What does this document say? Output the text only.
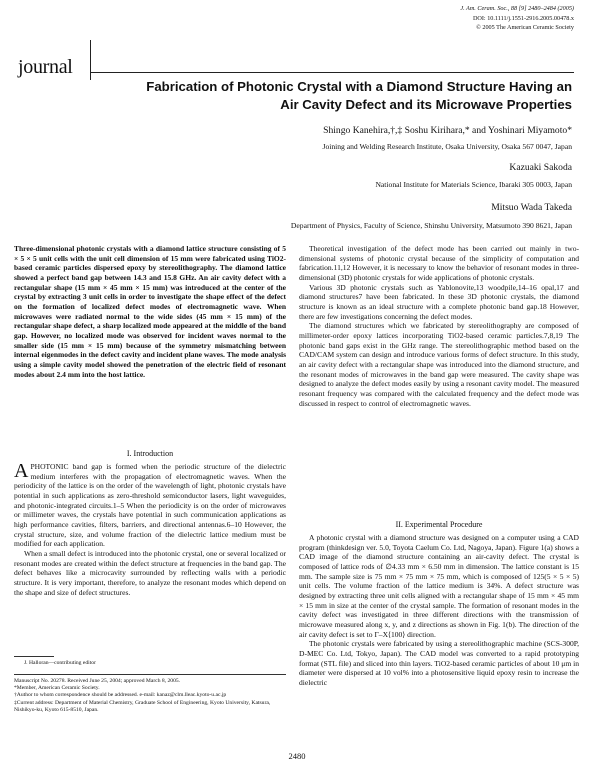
J. Am. Ceram. Soc., 88 [9] 2480–2484 (2005)
DOI: 10.1111/j.1551-2916.2005.00478.x
© 2005 The American Ceramic Society
journal
Fabrication of Photonic Crystal with a Diamond Structure Having an
Air Cavity Defect and its Microwave Properties
Shingo Kanehira,†,‡ Soshu Kirihara,* and Yoshinari Miyamoto*
Joining and Welding Research Institute, Osaka University, Osaka 567 0047, Japan
Kazuaki Sakoda
National Institute for Materials Science, Ibaraki 305 0003, Japan
Mitsuo Wada Takeda
Department of Physics, Faculty of Science, Shinshu University, Matsumoto 390 8621, Japan
Three-dimensional photonic crystals with a diamond lattice structure consisting of 5 × 5 × 5 unit cells with the unit cell dimension of 15 mm were fabricated using TiO2-based ceramic particles dispersed epoxy by stereolithography. The diamond lattice showed a perfect band gap between 14.3 and 15.8 GHz. An air cavity defect with a rectangular shape (15 mm × 45 mm × 15 mm) was introduced at the center of the crystal by extracting 3 unit cells in order to investigate the shape effect of the defect on the formation of localized defect modes of electromagnetic wave. When microwaves were radiated normal to the wide sides (45 mm × 15 mm) of the rectangular shape defect, a sharp localized mode appeared at the middle of the band gap. However, no localized mode was observed for incident waves normal to the smaller side (15 mm × 15 mm) because of the symmetry mismatching between internal eigenmodes in the defect cavity and incident plane waves. The mode analysis using a simple cavity model showed the penetration of the electric field of resonant modes about 2.4 mm into the host lattice.
I. Introduction

APHOTONIC band gap is formed when the periodic structure of the dielectric medium interferes with the propagation of electromagnetic waves. When the periodicity of the lattice is on the order of the wavelength of light, photonic crystals have potential in such applications as zero-threshold semiconductor lasers, light waveguides, and photonic-integrated circuits.1–5 When the periodicity is on the order of microwaves or millimeter waves, the crystals have potential in such communication applications as high performance cavities, filters, barriers, and directional antennas.6–10 However, the crystal structure, size, and volume fraction of the dielectric lattice medium must be modified for each application.

When a small defect is introduced into the photonic crystal, one or several localized or resonant modes are created within the defect structure at frequencies in the band gap. The defect behaves like a microcavity surrounded by reflecting walls with a periodic structure. It is very important, therefore, to analyze the resonant modes which depend on the shape and size of defect structures.

J. Halloran—contributing editor
Manuscript No. 20278. Received June 25, 2004; approved March 8, 2005.
*Member, American Ceramic Society.
†Author to whom correspondence should be addressed. e-mail: kanaz@clm.lleac.kyoto-u.ac.jp
‡Current address: Department of Material Chemistry, Graduate School of Engineering, Kyoto University, Katsura, Nishikyo-ku, Kyoto 615-8510, Japan.

Theoretical investigation of the defect mode has been carried out mainly in two-dimensional systems of photonic crystal because of the simplicity of computation and fabrication.11,12 However, it is necessary to know the behavior of resonant modes in three-dimensional (3D) photonic crystals for wide applications of photonic crystals.

Various 3D photonic crystals such as Yablonovite,13 woodpile,14–16 opal,17 and diamond structures7 have been fabricated. In these 3D photonic crystals, the diamond structure is known as an ideal structure with a complete photonic band gap.18 However, there are few investigations concerning the defect modes.

The diamond structures which we fabricated by stereolithography are composed of millimeter-order epoxy lattices incorporating TiO2-based ceramic particles.7,8,19 The photonic band gaps exist in the GHz range. The stereolithographic method based on the CAD/CAM system can design and introduce various forms of defect structure. In this study, an air cavity defect with a rectangular shape was introduced into the diamond structure, and the resonant modes of microwaves in the band gap were measured. The cavity shape was designed to analyze the defect modes easily by using a resonant cavity model. The measured resonant frequency was compared with the calculated frequency and the defect mode was discussed in respect to control of electromagnetic waves.

II. Experimental Procedure

A photonic crystal with a diamond structure was designed on a computer using a CAD program (thinkdesign ver. 5.0, Toyota Caelum Co. Ltd, Nagoya, Japan). Figure 1(a) shows a CAD image of the diamond structure containing an air-cavity defect. The crystal is composed of lattice rods of ∅4.33 mm × 6.50 mm in dimension. The lattice constant is 15 mm. The sample size is 75 mm × 75 mm × 75 mm, which is composed of 125(5 × 5 × 5) unit cells. The volume fraction of the lattice medium is 34%. A defect structure was designed by extracting three unit cells aligned with a rectangular shape of 15 mm × 45 mm × 15 mm in size at the center of the crystal sample. The formation of resonant modes in the cavity defect was investigated in three different directions with the transmission of microwave measured along x, y, and z directions as shown in Fig. 1(b). The direction of the air cavity defect is set to Γ–X⟨100⟩ direction.

The photonic crystals were fabricated by using a stereolithographic machine (SCS-300P, D-MEC Co. Ltd, Tokyo, Japan). The CAD model was converted to a rapid prototyping format (STL file) and sliced into thin layers. TiO2-based ceramic particles of about 10 μm in diameter were dispersed at 10 vol% into a photosensitive liquid epoxy resin to increase the dielectric

2480
